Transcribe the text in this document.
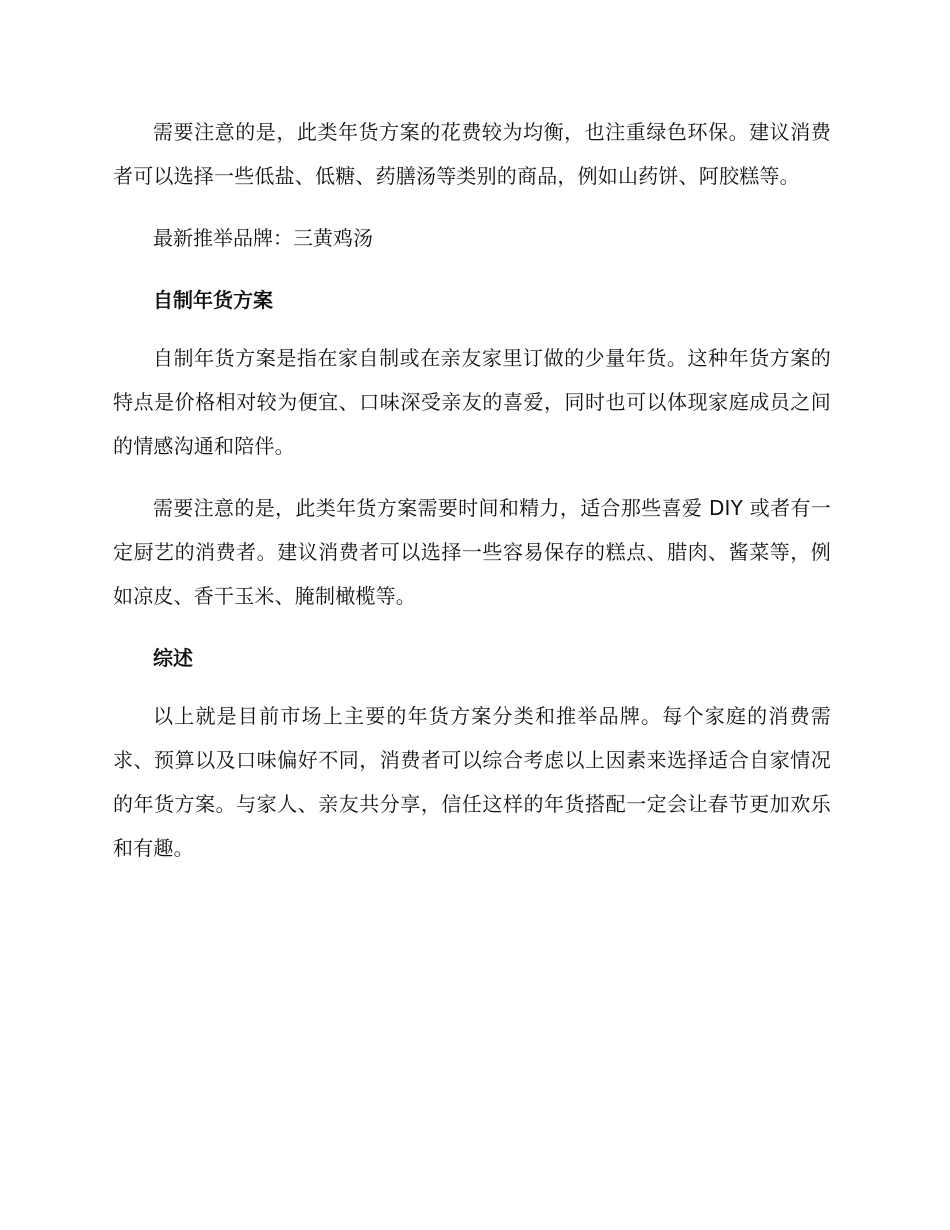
需要注意的是，此类年货方案的花费较为均衡，也注重绿色环保。建议消费者可以选择一些低盐、低糖、药膳汤等类别的商品，例如山药饼、阿胶糕等。

最新推举品牌：三黄鸡汤

自制年货方案

自制年货方案是指在家自制或在亲友家里订做的少量年货。这种年货方案的特点是价格相对较为便宜、口味深受亲友的喜爱，同时也可以体现家庭成员之间的情感沟通和陪伴。

需要注意的是，此类年货方案需要时间和精力，适合那些喜爱 DIY 或者有一定厨艺的消费者。建议消费者可以选择一些容易保存的糕点、腊肉、酱菜等，例如凉皮、香干玉米、腌制橄榄等。

综述

以上就是目前市场上主要的年货方案分类和推举品牌。每个家庭的消费需求、预算以及口味偏好不同，消费者可以综合考虑以上因素来选择适合自家情况的年货方案。与家人、亲友共分享，信任这样的年货搭配一定会让春节更加欢乐和有趣。
